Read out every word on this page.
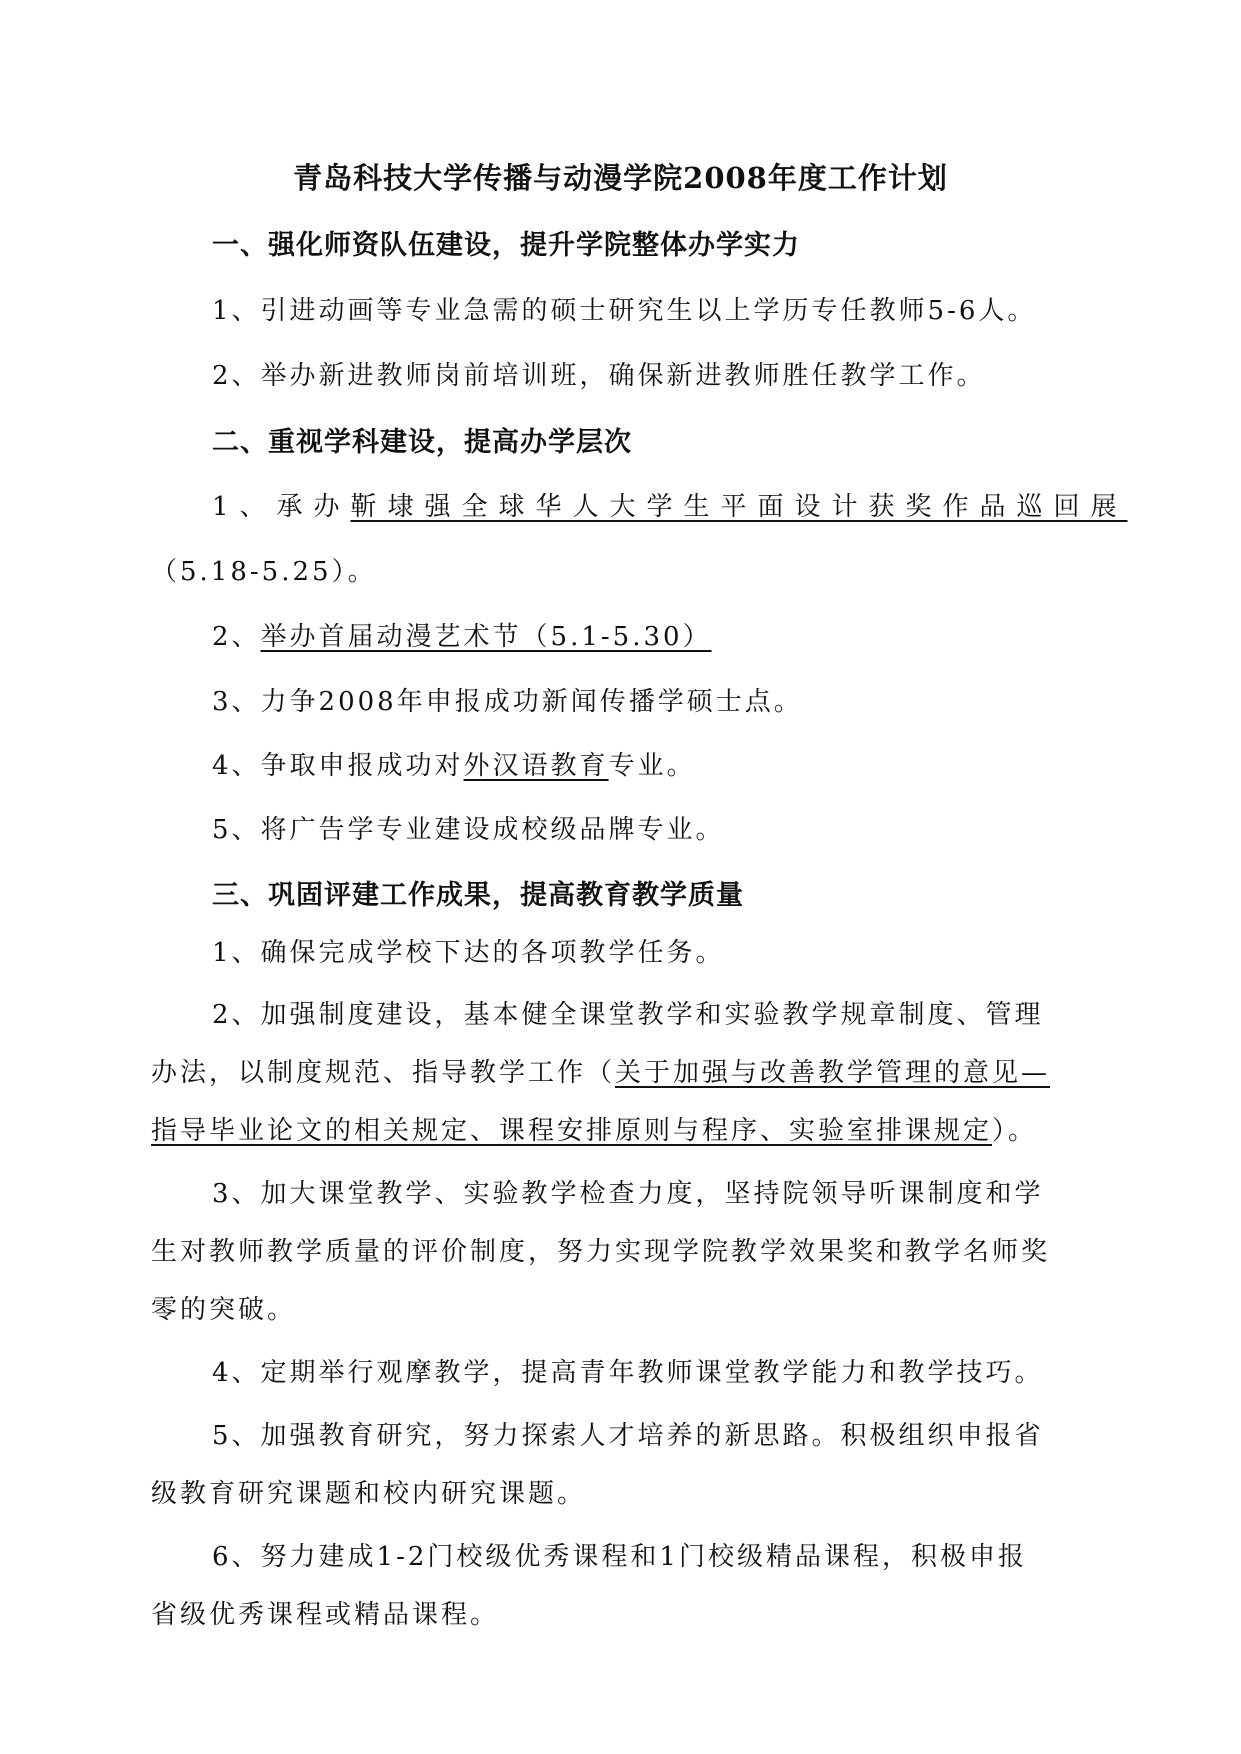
青岛科技大学传播与动漫学院2008年度工作计划
一、强化师资队伍建设，提升学院整体办学实力
1、引进动画等专业急需的硕士研究生以上学历专任教师5-6人。
2、举办新进教师岗前培训班，确保新进教师胜任教学工作。
二、重视学科建设，提高办学层次
1、承办靳埭强全球华人大学生平面设计获奖作品巡回展
（5.18-5.25）。
2、举办首届动漫艺术节（5.1-5.30）
3、力争2008年申报成功新闻传播学硕士点。
4、争取申报成功对外汉语教育专业。
5、将广告学专业建设成校级品牌专业。
三、巩固评建工作成果，提高教育教学质量
1、确保完成学校下达的各项教学任务。
2、加强制度建设，基本健全课堂教学和实验教学规章制度、管理
办法，以制度规范、指导教学工作（关于加强与改善教学管理的意见—
指导毕业论文的相关规定、课程安排原则与程序、实验室排课规定）。
3、加大课堂教学、实验教学检查力度，坚持院领导听课制度和学
生对教师教学质量的评价制度，努力实现学院教学效果奖和教学名师奖
零的突破。
4、定期举行观摩教学，提高青年教师课堂教学能力和教学技巧。
5、加强教育研究，努力探索人才培养的新思路。积极组织申报省
级教育研究课题和校内研究课题。
6、努力建成1-2门校级优秀课程和1门校级精品课程，积极申报
省级优秀课程或精品课程。
